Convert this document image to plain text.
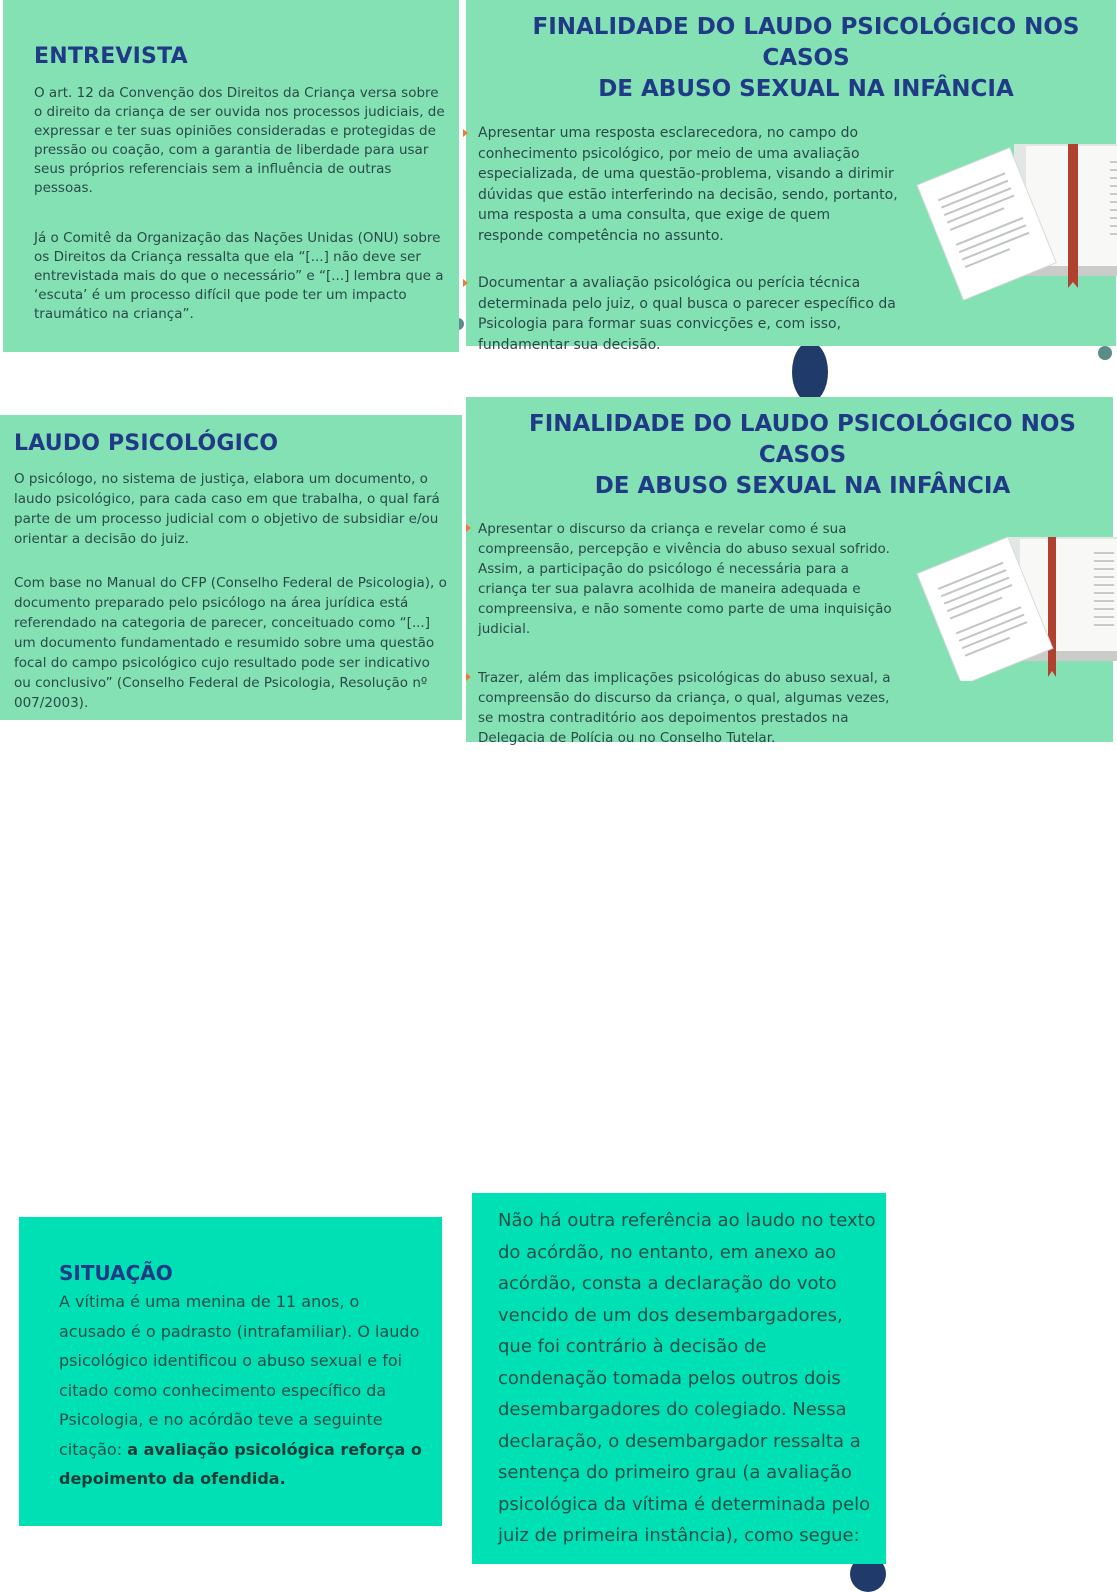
ENTREVISTA

O art. 12 da Convenção dos Direitos da Criança versa sobre o direito da criança de ser ouvida nos processos judiciais, de expressar e ter suas opiniões consideradas e protegidas de pressão ou coação, com a garantia de liberdade para usar seus próprios referenciais sem a influência de outras pessoas.

Já o Comitê da Organização das Nações Unidas (ONU) sobre os Direitos da Criança ressalta que ela “[...] não deve ser entrevistada mais do que o necessário” e “[...] lembra que a ‘escuta’ é um processo difícil que pode ter um impacto traumático na criança”.

FINALIDADE DO LAUDO PSICOLÓGICO NOS CASOS
DE ABUSO SEXUAL NA INFÂNCIA
Apresentar uma resposta esclarecedora, no campo do conhecimento psicológico, por meio de uma avaliação especializada, de uma questão-problema, visando a dirimir dúvidas que estão interferindo na decisão, sendo, portanto, uma resposta a uma consulta, que exige de quem responde competência no assunto.
Documentar a avaliação psicológica ou perícia técnica determinada pelo juiz, o qual busca o parecer específico da Psicologia para formar suas convicções e, com isso, fundamentar sua decisão.
LAUDO PSICOLÓGICO

O psicólogo, no sistema de justiça, elabora um documento, o laudo psicológico, para cada caso em que trabalha, o qual fará parte de um processo judicial com o objetivo de subsidiar e/ou orientar a decisão do juiz.

Com base no Manual do CFP (Conselho Federal de Psicologia), o documento preparado pelo psicólogo na área jurídica está referendado na categoria de parecer, conceituado como “[...] um documento fundamentado e resumido sobre uma questão focal do campo psicológico cujo resultado pode ser indicativo ou conclusivo” (Conselho Federal de Psicologia, Resolução nº 007/2003).

FINALIDADE DO LAUDO PSICOLÓGICO NOS CASOS
DE ABUSO SEXUAL NA INFÂNCIA
Apresentar o discurso da criança e revelar como é sua compreensão, percepção e vivência do abuso sexual sofrido. Assim, a participação do psicólogo é necessária para a criança ter sua palavra acolhida de maneira adequada e compreensiva, e não somente como parte de uma inquisição judicial.
Trazer, além das implicações psicológicas do abuso sexual, a compreensão do discurso da criança, o qual, algumas vezes, se mostra contraditório aos depoimentos prestados na Delegacia de Polícia ou no Conselho Tutelar.
SITUAÇÃO

A vítima é uma menina de 11 anos, o acusado é o padrasto (intrafamiliar). O laudo psicológico identificou o abuso sexual e foi citado como conhecimento específico da Psicologia, e no acórdão teve a seguinte citação: a avaliação psicológica reforça o depoimento da ofendida.

Não há outra referência ao laudo no texto do acórdão, no entanto, em anexo ao acórdão, consta a declaração do voto vencido de um dos desembargadores, que foi contrário à decisão de condenação tomada pelos outros dois desembargadores do colegiado. Nessa declaração, o desembargador ressalta a sentença do primeiro grau (a avaliação psicológica da vítima é determinada pelo juiz de primeira instância), como segue:
